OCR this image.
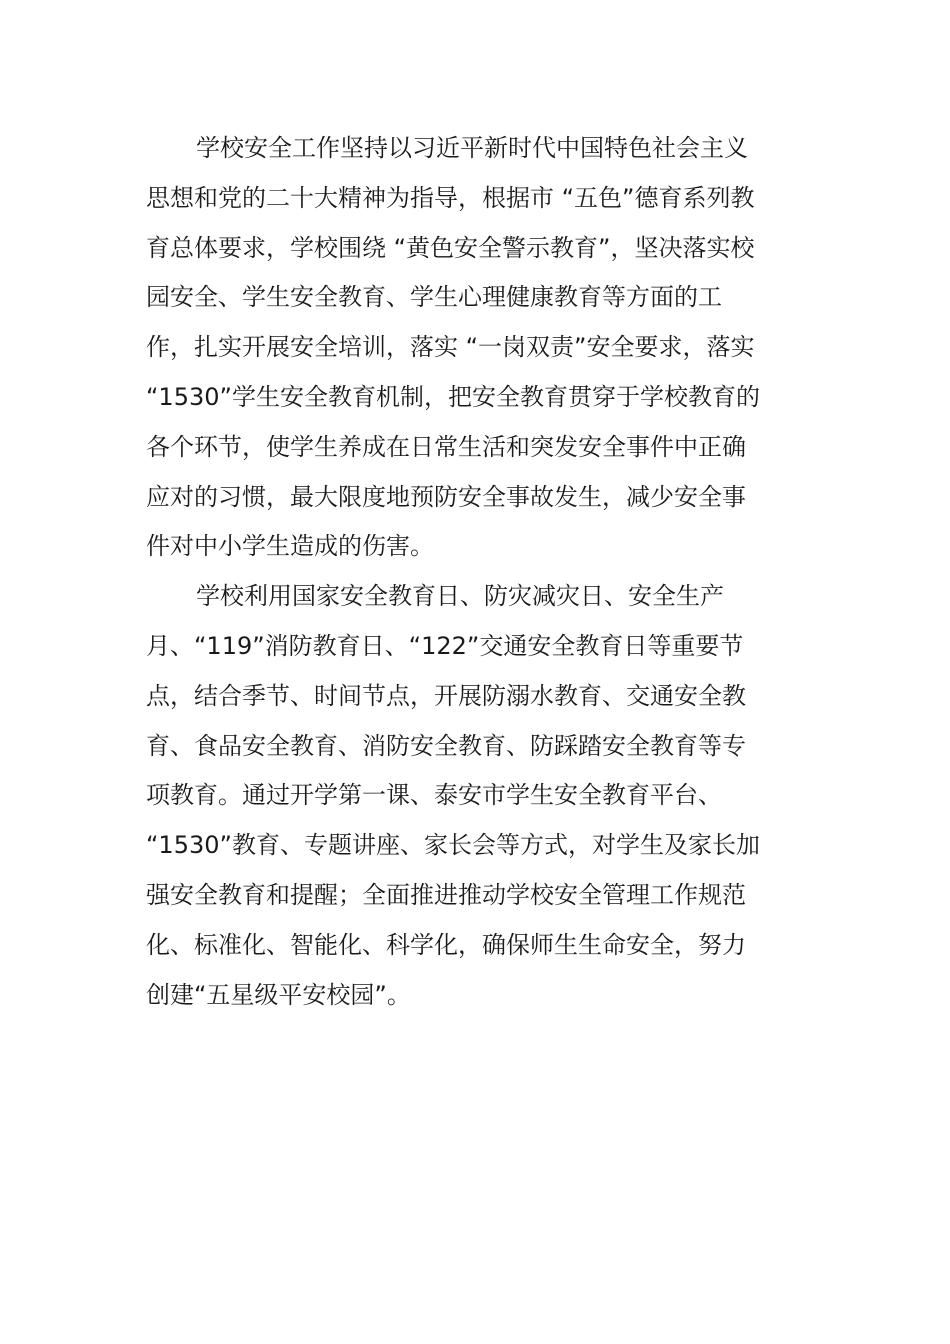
学校安全工作坚持以习近平新时代中国特色社会主义
思想和党的二十大精神为指导，根据市 “五色”德育系列教
育总体要求，学校围绕 “黄色安全警示教育”，坚决落实校
园安全、学生安全教育、学生心理健康教育等方面的工
作，扎实开展安全培训，落实 “一岗双责”安全要求，落实
“1530”学生安全教育机制，把安全教育贯穿于学校教育的
各个环节，使学生养成在日常生活和突发安全事件中正确
应对的习惯，最大限度地预防安全事故发生，减少安全事
件对中小学生造成的伤害。
学校利用国家安全教育日、防灾减灾日、安全生产
月、“119”消防教育日、“122”交通安全教育日等重要节
点，结合季节、时间节点，开展防溺水教育、交通安全教
育、食品安全教育、消防安全教育、防踩踏安全教育等专
项教育。通过开学第一课、泰安市学生安全教育平台、
“1530”教育、专题讲座、家长会等方式，对学生及家长加
强安全教育和提醒；全面推进推动学校安全管理工作规范
化、标准化、智能化、科学化，确保师生生命安全，努力
创建“五星级平安校园”。
